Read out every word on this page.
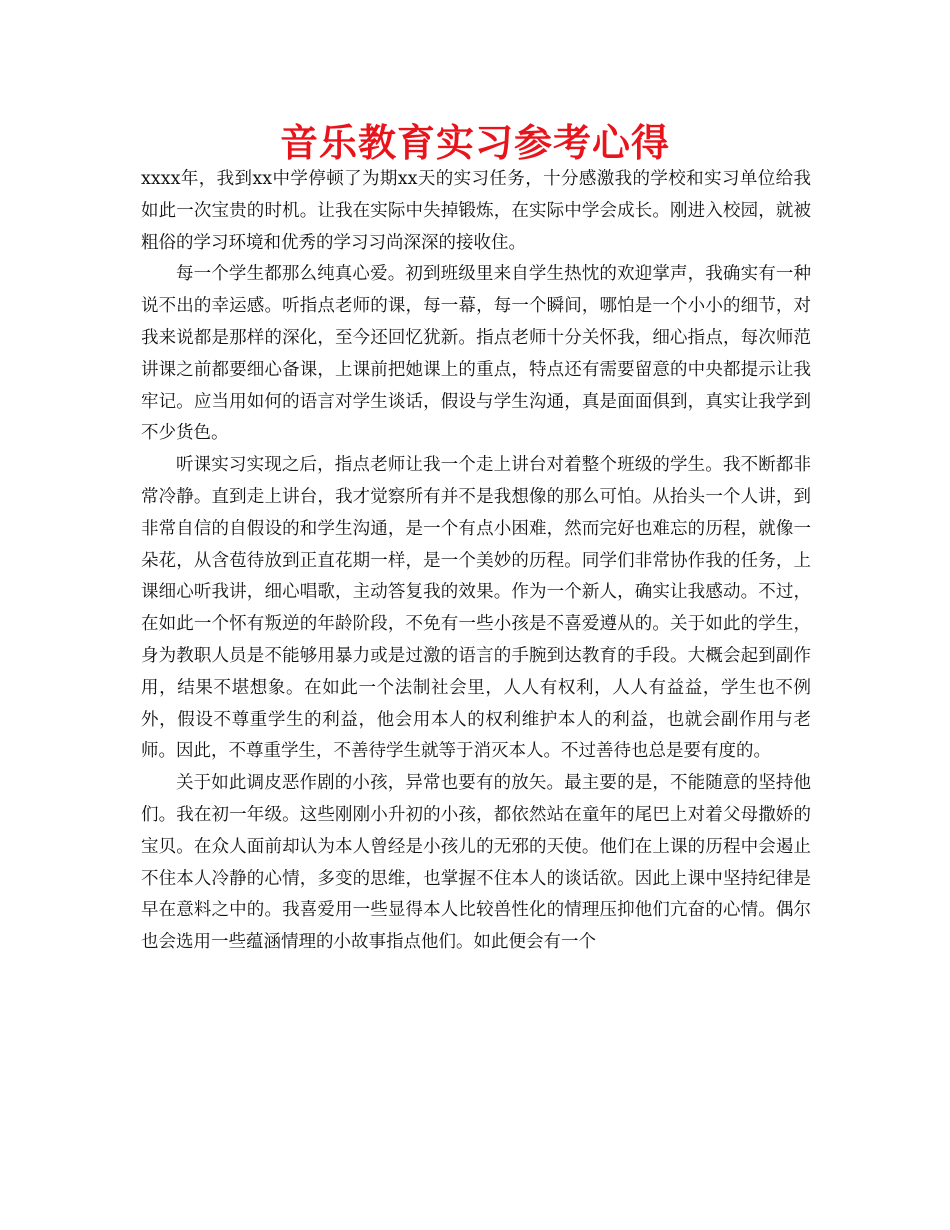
音乐教育实习参考心得

xxxx年，我到xx中学停顿了为期xx天的实习任务，十分感激我的学校和实习单位给我如此一次宝贵的时机。让我在实际中失掉锻炼，在实际中学会成长。刚进入校园，就被粗俗的学习环境和优秀的学习习尚深深的接收住。

每一个学生都那么纯真心爱。初到班级里来自学生热忱的欢迎掌声，我确实有一种说不出的幸运感。听指点老师的课，每一幕，每一个瞬间，哪怕是一个小小的细节，对我来说都是那样的深化，至今还回忆犹新。指点老师十分关怀我，细心指点，每次师范讲课之前都要细心备课，上课前把她课上的重点，特点还有需要留意的中央都提示让我牢记。应当用如何的语言对学生谈话，假设与学生沟通，真是面面俱到，真实让我学到不少货色。

听课实习实现之后，指点老师让我一个走上讲台对着整个班级的学生。我不断都非常冷静。直到走上讲台，我才觉察所有并不是我想像的那么可怕。从抬头一个人讲，到非常自信的自假设的和学生沟通，是一个有点小困难，然而完好也难忘的历程，就像一朵花，从含苞待放到正直花期一样，是一个美妙的历程。同学们非常协作我的任务，上课细心听我讲，细心唱歌，主动答复我的效果。作为一个新人，确实让我感动。不过，在如此一个怀有叛逆的年龄阶段，不免有一些小孩是不喜爱遵从的。关于如此的学生，身为教职人员是不能够用暴力或是过激的语言的手腕到达教育的手段。大概会起到副作用，结果不堪想象。在如此一个法制社会里，人人有权利，人人有益益，学生也不例外，假设不尊重学生的利益，他会用本人的权利维护本人的利益，也就会副作用与老师。因此，不尊重学生，不善待学生就等于消灭本人。不过善待也总是要有度的。

关于如此调皮恶作剧的小孩，异常也要有的放矢。最主要的是，不能随意的坚持他们。我在初一年级。这些刚刚小升初的小孩，都依然站在童年的尾巴上对着父母撒娇的宝贝。在众人面前却认为本人曾经是小孩儿的无邪的天使。他们在上课的历程中会遏止不住本人冷静的心情，多变的思维，也掌握不住本人的谈话欲。因此上课中坚持纪律是早在意料之中的。我喜爱用一些显得本人比较兽性化的情理压抑他们亢奋的心情。偶尔也会选用一些蕴涵情理的小故事指点他们。如此便会有一个
